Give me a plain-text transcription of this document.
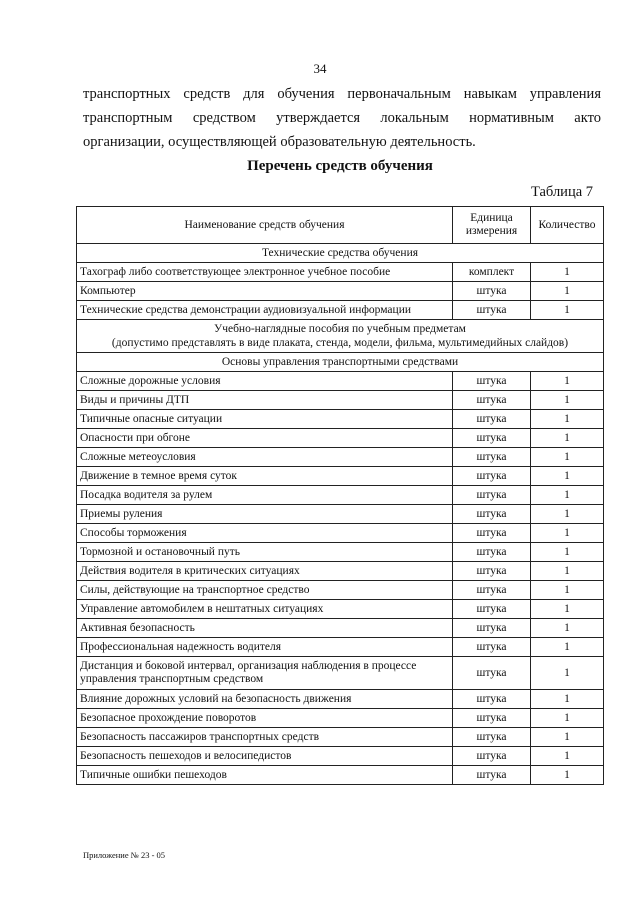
34
транспортных средств для обучения первоначальным навыкам управления
транспортным средством утверждается локальным нормативным акто
организации, осуществляющей образовательную деятельность.
Перечень средств обучения
Таблица 7
Наименование средств обучения	Единица измерения	Количество
Технические средства обучения		
Тахограф либо соответствующее электронное учебное пособие	комплект	1
Компьютер	штука	1
Технические средства демонстрации аудиовизуальной информации	штука	1

Учебно-наглядные пособия по учебным предметам
(допустимо представлять в виде плаката, стенда, модели, фильма, мультимедийных слайдов)		

Основы управления транспортными средствами		
Сложные дорожные условия	штука	1
Виды и причины ДТП	штука	1
Типичные опасные ситуации	штука	1
Опасности при обгоне	штука	1
Сложные метеоусловия	штука	1
Движение в темное время суток	штука	1
Посадка водителя за рулем	штука	1
Приемы руления	штука	1
Способы торможения	штука	1
Тормозной и остановочный путь	штука	1
Действия водителя в критических ситуациях	штука	1
Силы, действующие на транспортное средство	штука	1
Управление автомобилем в нештатных ситуациях	штука	1
Активная безопасность	штука	1
Профессиональная надежность водителя	штука	1
Дистанция и боковой интервал, организация наблюдения в процессе управления транспортным средством	штука	1
Влияние дорожных условий на безопасность движения	штука	1
Безопасное прохождение поворотов	штука	1
Безопасность пассажиров транспортных средств	штука	1
Безопасность пешеходов и велосипедистов	штука	1
Типичные ошибки пешеходов	штука	1
Приложение № 23 - 05
